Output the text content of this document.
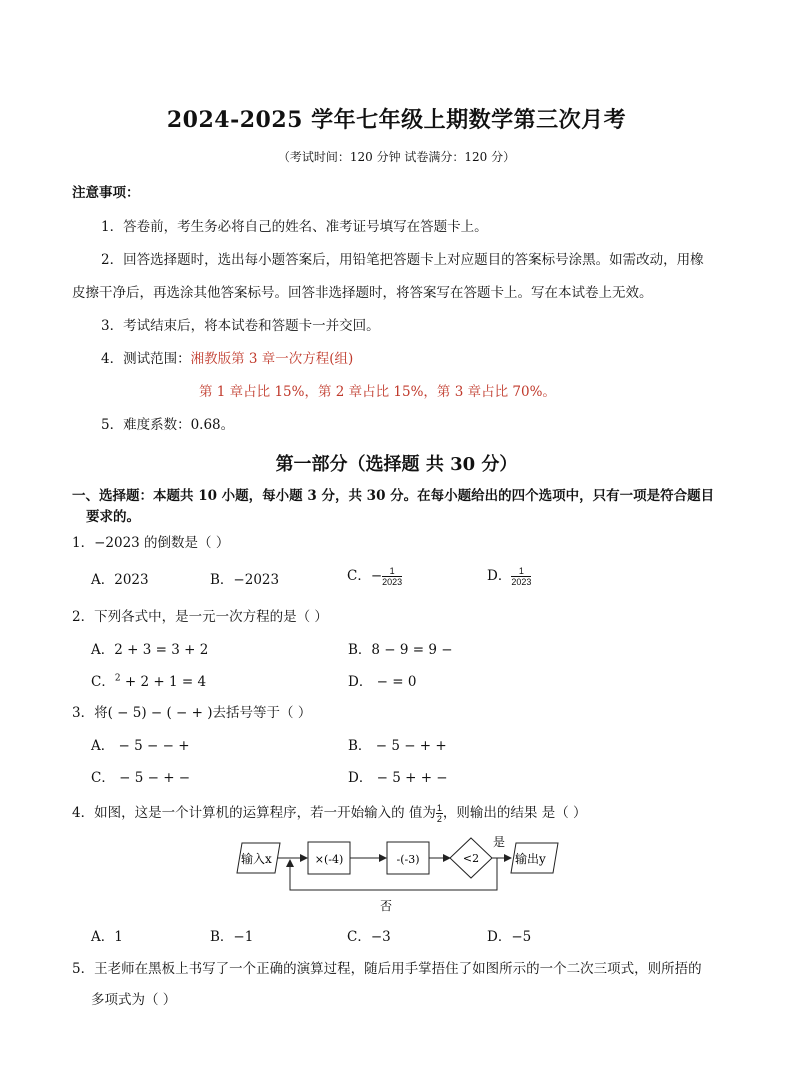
2024-2025 学年七年级上期数学第三次月考
（考试时间：120 分钟 试卷满分：120 分）
注意事项：
1．答卷前，考生务必将自己的姓名、准考证号填写在答题卡上。
2．回答选择题时，选出每小题答案后，用铅笔把答题卡上对应题目的答案标号涂黑。如需改动，用橡
皮擦干净后，再选涂其他答案标号。回答非选择题时，将答案写在答题卡上。写在本试卷上无效。
3．考试结束后，将本试卷和答题卡一并交回。
4．测试范围：湘教版第 3 章一次方程(组)
第 1 章占比 15%，第 2 章占比 15%，第 3 章占比 70%。
5．难度系数：0.68。
第一部分（选择题 共 30 分）
一、选择题：本题共 10 小题，每小题 3 分，共 30 分。在每小题给出的四个选项中，只有一项是符合题目
要求的。
1．−2023 的倒数是（ ）
A．2023	B．−2023	C．− $\frac{1}{2023}$	D． $\frac{1}{2023}$
2．下列各式中，是一元一次方程的是（ ）
A．2 + 3 = 3 + 2	B．8 − 9 = 9 −
C．$^2$ + 2 + 1 = 4	D． − = 0
3．将( − 5) − ( − + )去括号等于（ ）
A． − 5 − − +	B． − 5 − + +
C． − 5 − + −	D． − 5 + + −
4．如图，这是一个计算机的运算程序，若一开始输入的 值为 $\frac{1}{2}$ ，则输出的结果 是（ ）
输入x	×(-4)	-(-3)	<2
是
输出y
否
A．1	B．−1	C．−3	D．−5
5．王老师在黑板上书写了一个正确的演算过程，随后用手掌捂住了如图所示的一个二次三项式，则所捂的
多项式为（ ）
